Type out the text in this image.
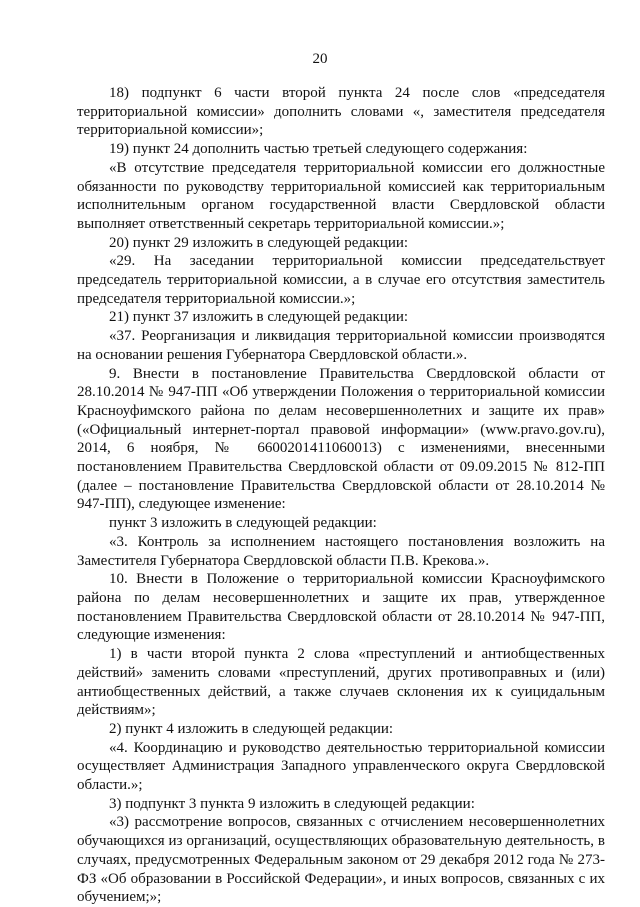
20

18) подпункт 6 части второй пункта 24 после слов «председателя территориальной комиссии» дополнить словами «, заместителя председателя территориальной комиссии»;

19) пункт 24 дополнить частью третьей следующего содержания:

«В отсутствие председателя территориальной комиссии его должностные обязанности по руководству территориальной комиссией как территориальным исполнительным органом государственной власти Свердловской области выполняет ответственный секретарь территориальной комиссии.»;

20) пункт 29 изложить в следующей редакции:

«29. На заседании территориальной комиссии председательствует председатель территориальной комиссии, а в случае его отсутствия заместитель председателя территориальной комиссии.»;

21) пункт 37 изложить в следующей редакции:

«37. Реорганизация и ликвидация территориальной комиссии производятся на основании решения Губернатора Свердловской области.».

9. Внести в постановление Правительства Свердловской области от 28.10.2014 № 947-ПП «Об утверждении Положения о территориальной комиссии Красноуфимского района по делам несовершеннолетних и защите их прав» («Официальный интернет-портал правовой информации» (www.pravo.gov.ru), 2014, 6 ноября, № 6600201411060013) с изменениями, внесенными постановлением Правительства Свердловской области от 09.09.2015 № 812-ПП (далее – постановление Правительства Свердловской области от 28.10.2014 № 947-ПП), следующее изменение:

пункт 3 изложить в следующей редакции:

«3. Контроль за исполнением настоящего постановления возложить на Заместителя Губернатора Свердловской области П.В. Крекова.».

10. Внести в Положение о территориальной комиссии Красноуфимского района по делам несовершеннолетних и защите их прав, утвержденное постановлением Правительства Свердловской области от 28.10.2014 № 947-ПП, следующие изменения:

1) в части второй пункта 2 слова «преступлений и антиобщественных действий» заменить словами «преступлений, других противоправных и (или) антиобщественных действий, а также случаев склонения их к суицидальным действиям»;

2) пункт 4 изложить в следующей редакции:

«4. Координацию и руководство деятельностью территориальной комиссии осуществляет Администрация Западного управленческого округа Свердловской области.»;

3) подпункт 3 пункта 9 изложить в следующей редакции:

«3) рассмотрение вопросов, связанных с отчислением несовершеннолетних обучающихся из организаций, осуществляющих образовательную деятельность, в случаях, предусмотренных Федеральным законом от 29 декабря 2012 года № 273-ФЗ «Об образовании в Российской Федерации», и иных вопросов, связанных с их обучением;»;
